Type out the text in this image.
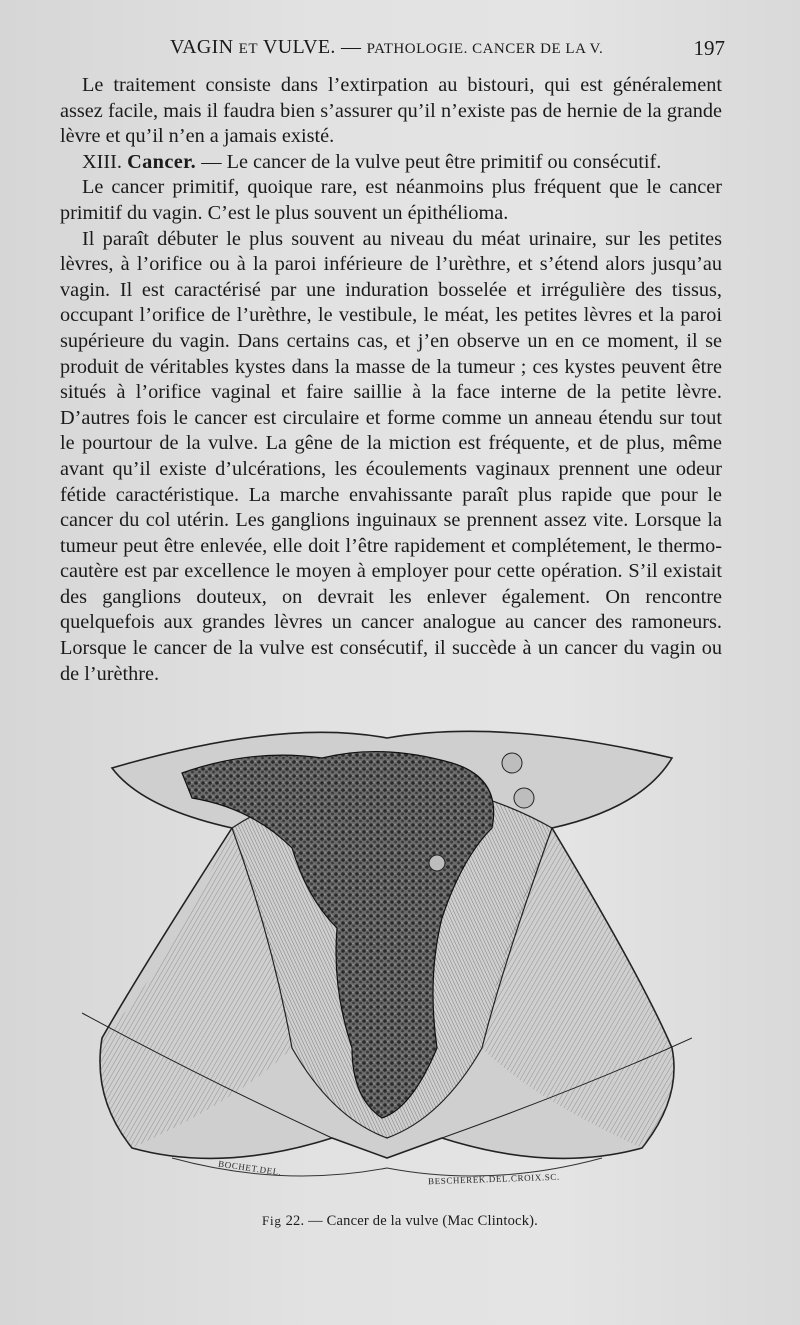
VAGIN ET VULVE. — PATHOLOGIE. CANCER DE LA V.	197

Le traitement consiste dans l’extirpation au bistouri, qui est généralement assez facile, mais il faudra bien s’assurer qu’il n’existe pas de hernie de la grande lèvre et qu’il n’en a jamais existé.

XIII. Cancer. — Le cancer de la vulve peut être primitif ou consécutif.

Le cancer primitif, quoique rare, est néanmoins plus fréquent que le cancer primitif du vagin. C’est le plus souvent un épithélioma.

Il paraît débuter le plus souvent au niveau du méat urinaire, sur les petites lèvres, à l’orifice ou à la paroi inférieure de l’urèthre, et s’étend alors jusqu’au vagin. Il est caractérisé par une induration bosselée et irrégulière des tissus, occupant l’orifice de l’urèthre, le vestibule, le méat, les petites lèvres et la paroi supérieure du vagin. Dans certains cas, et j’en observe un en ce moment, il se produit de véritables kystes dans la masse de la tumeur ; ces kystes peuvent être situés à l’orifice vaginal et faire saillie à la face interne de la petite lèvre. D’autres fois le cancer est circulaire et forme comme un anneau étendu sur tout le pourtour de la vulve. La gêne de la miction est fréquente, et de plus, même avant qu’il existe d’ulcérations, les écoulements vaginaux prennent une odeur fétide caractéristique. La marche envahissante paraît plus rapide que pour le cancer du col utérin. Les ganglions inguinaux se prennent assez vite. Lorsque la tumeur peut être enlevée, elle doit l’être rapidement et complétement, le thermo-cautère est par excellence le moyen à employer pour cette opération. S’il existait des ganglions douteux, on devrait les enlever également. On rencontre quelquefois aux grandes lèvres un cancer analogue au cancer des ramoneurs. Lorsque le cancer de la vulve est consécutif, il succède à un cancer du vagin ou de l’urèthre.

BOCHET.DEL.
BESCHEREK.DEL.CROIX.SC.
Fig 22. — Cancer de la vulve (Mac Clintock).
